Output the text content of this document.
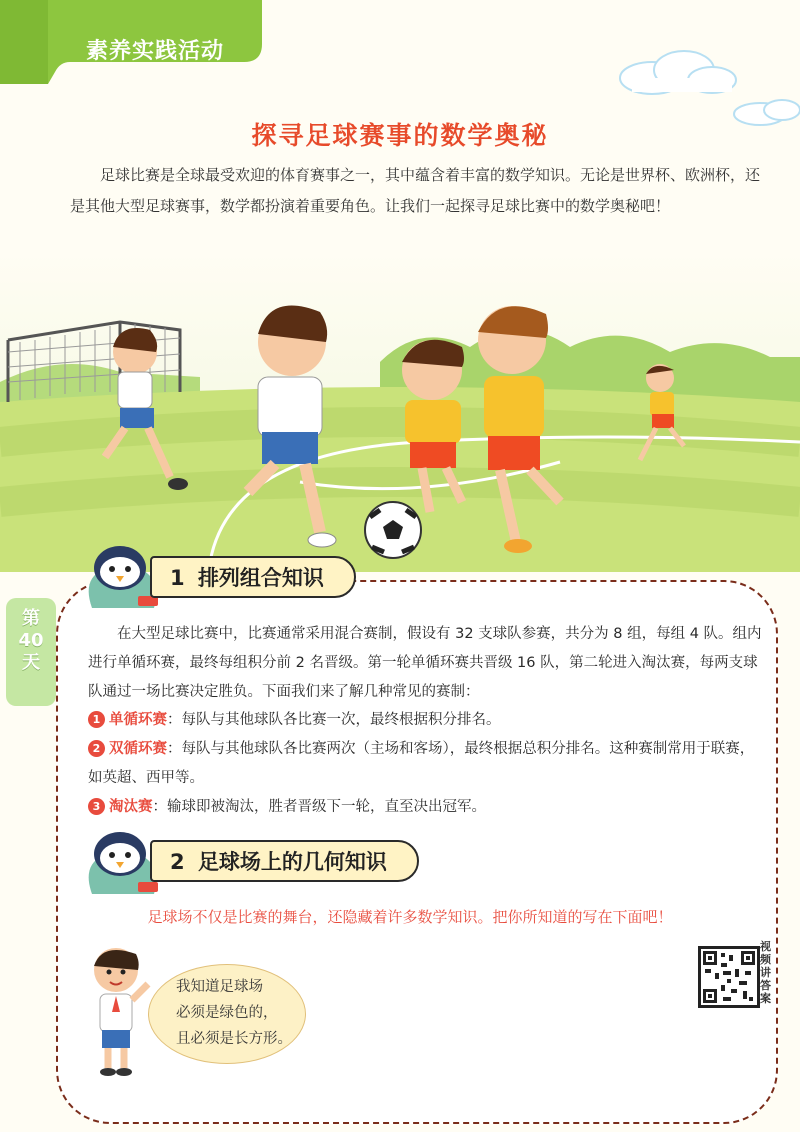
素养实践活动
探寻足球赛事的数学奥秘
足球比赛是全球最受欢迎的体育赛事之一，其中蕴含着丰富的数学知识。无论是世界杯、欧洲杯，还是其他大型足球赛事，数学都扮演着重要角色。让我们一起探寻足球比赛中的数学奥秘吧！
第
40
天
1 排列组合知识
在大型足球比赛中，比赛通常采用混合赛制，假设有 32 支球队参赛，共分为 8 组，每组 4 队。组内进行单循环赛，最终每组积分前 2 名晋级。第一轮单循环赛共晋级 16 队，第二轮进入淘汰赛，每两支球队通过一场比赛决定胜负。下面我们来了解几种常见的赛制：
1 单循环赛：每队与其他球队各比赛一次，最终根据积分排名。
2 双循环赛：每队与其他球队各比赛两次（主场和客场），最终根据总积分排名。这种赛制常用于联赛，如英超、西甲等。
3 淘汰赛：输球即被淘汰，胜者晋级下一轮，直至决出冠军。
2 足球场上的几何知识
足球场不仅是比赛的舞台，还隐藏着许多数学知识。把你所知道的写在下面吧！
我知道足球场
必须是绿色的，
且必须是长方形。
视频讲答案
